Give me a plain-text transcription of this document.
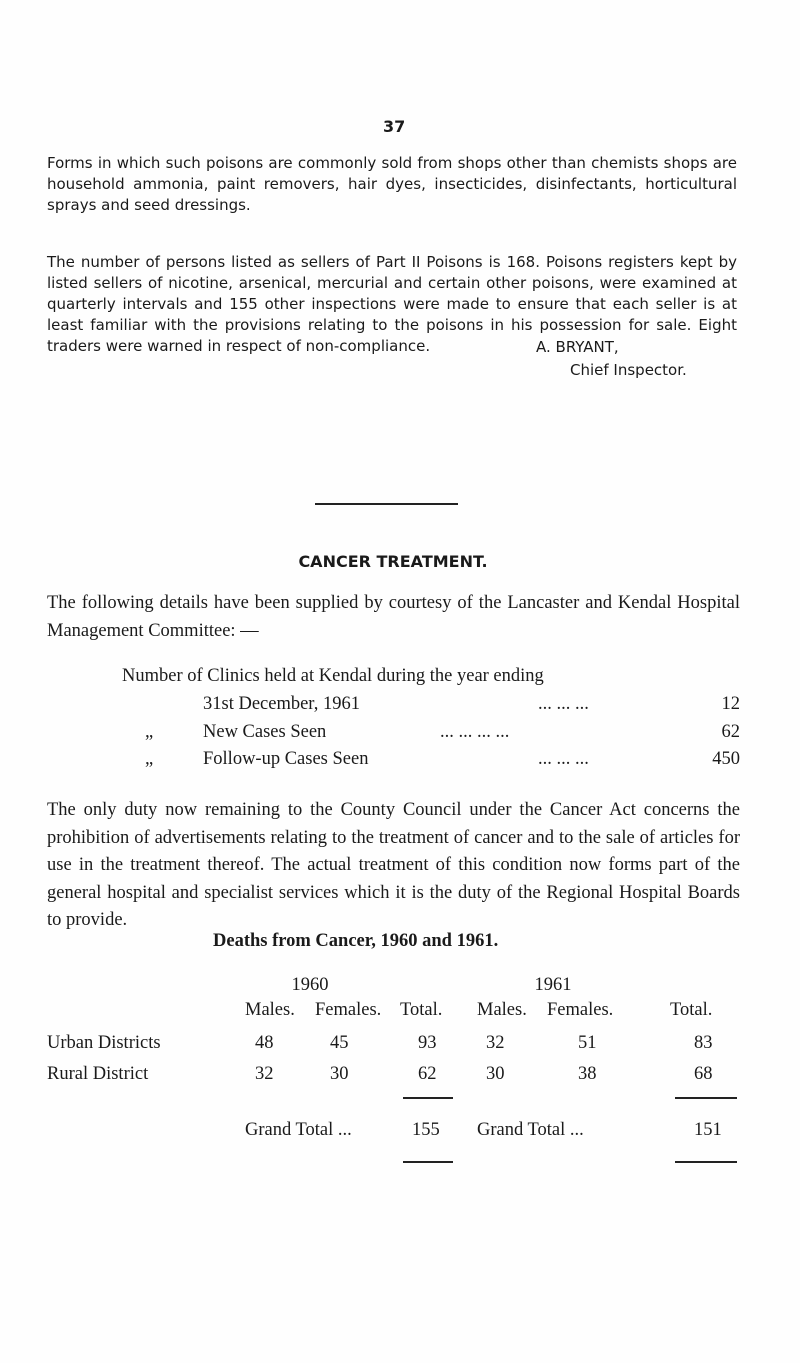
37
Forms in which such poisons are commonly sold from shops other than chemists shops are household ammonia, paint removers, hair dyes, insecticides, disinfectants, horticultural sprays and seed dressings.
The number of persons listed as sellers of Part II Poisons is 168. Poisons registers kept by listed sellers of nicotine, arsenical, mercurial and certain other poisons, were examined at quarterly intervals and 155 other inspections were made to ensure that each seller is at least familiar with the provisions relating to the poisons in his possession for sale. Eight traders were warned in respect of non-compliance.	A. BRYANT,
Chief Inspector.
CANCER TREATMENT.
The following details have been supplied by courtesy of the Lancaster and Kendal Hospital Management Committee: —
Number of Clinics held at Kendal during the year ending
31st December, 1961	... ... ...	12
„	New Cases Seen	... ... ... ...	62
„	Follow-up Cases Seen	... ... ...	450
The only duty now remaining to the County Council under the Cancer Act concerns the prohibition of advertisements relating to the treatment of cancer and to the sale of articles for use in the treatment thereof. The actual treatment of this condition now forms part of the general hospital and specialist services which it is the duty of the Regional Hospital Boards to provide.
Deaths from Cancer, 1960 and 1961.
1960	1961
Males. Females. Total. Males. Females.	Total.
Urban Districts	48	45	93	32	51	83
Rural District	32	30	62	30	38	68
Grand Total ...	155 Grand Total ...	151
